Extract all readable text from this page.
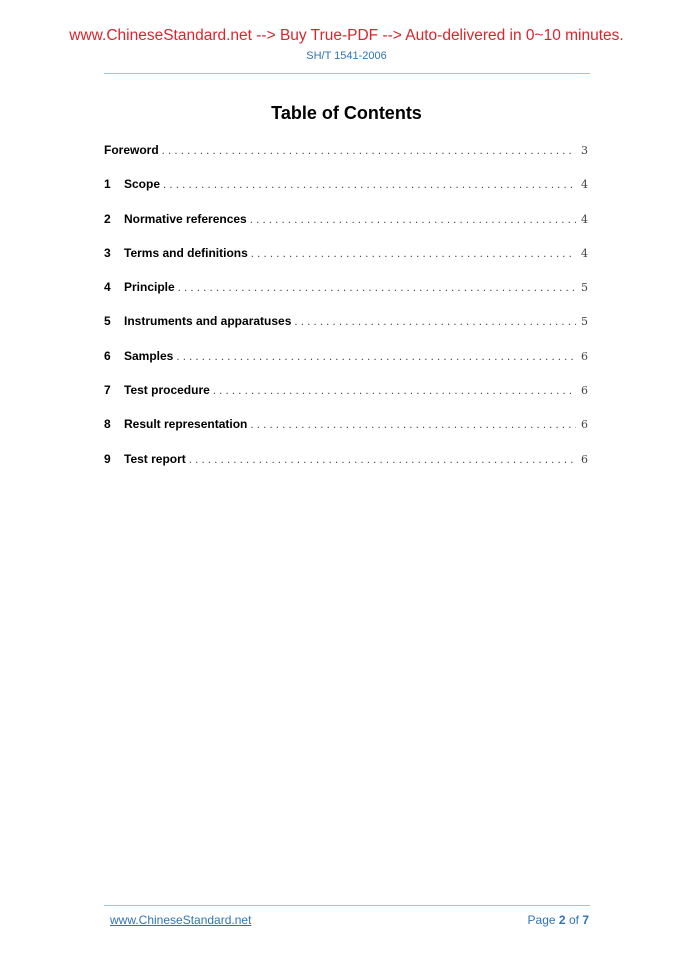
www.ChineseStandard.net --> Buy True-PDF --> Auto-delivered in 0~10 minutes.
SH/T 1541-2006
Table of Contents
Foreword . . .	3
1	Scope . . .	4
2	Normative references . . .	4
3	Terms and definitions . . .	4
4	Principle . . .	5
5	Instruments and apparatuses . . .	5
6	Samples . . .	6
7	Test procedure . . .	6
8	Result representation . . .	6
9	Test report . . .	6
www.ChineseStandard.net	Page 2 of 7
